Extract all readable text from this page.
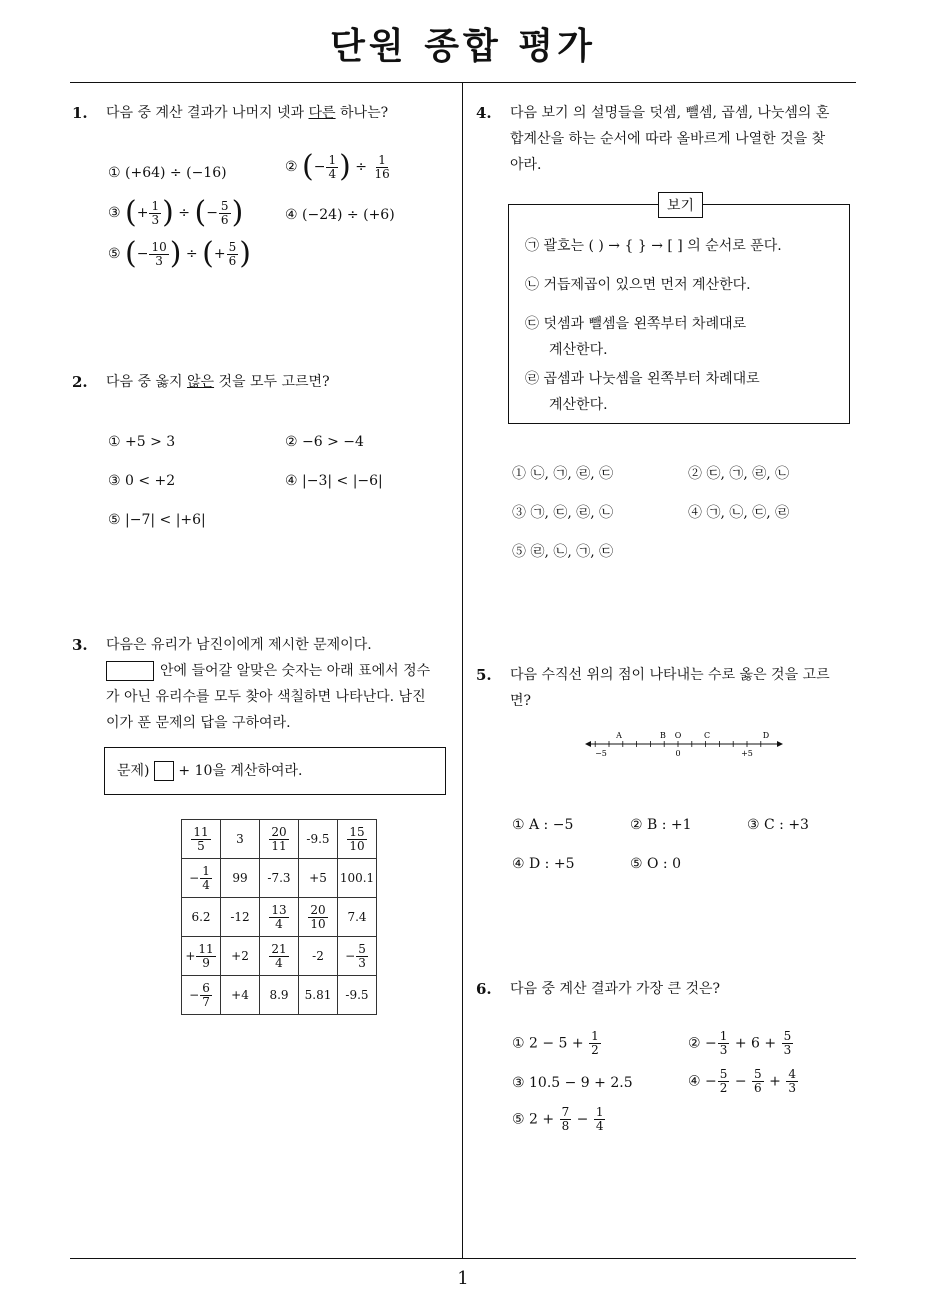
단원 종합 평가
1
1. 다음 중 계산 결과가 나머지 넷과 다른 하나는?
① (+64) ÷ (−16)	② (− $\frac{1}{4}$ ) ÷ $\frac{1}{16}$
③ (+ $\frac{1}{3}$ ) ÷ (− $\frac{5}{6}$ )	④ (−24) ÷ (+6)
⑤ (− $\frac{10}{3}$ ) ÷ (+ $\frac{5}{6}$ )
2. 다음 중 옳지 않은 것을 모두 고르면?
① +5 > 3	② −6 > −4
③ 0 < +2	④ |−3| < |−6|
⑤ |−7| < |+6|
3. 다음은 유리가 남진이에게 제시한 문제이다.
안에 들어갈 알맞은 숫자는 아래 표에서 정수
가 아닌 유리수를 모두 찾아 색칠하면 나타난다. 남진
이가 푼 문제의 답을 구하여라.
문제) + 10을 계산하여라.
$\frac{11}{5}$	3	$\frac{20}{11}$	-9.5	$\frac{15}{10}$

− $\frac{1}{4}$	99	-7.3	+5	100.1
6.2	-12	$\frac{13}{4}$	$\frac{20}{10}$	7.4
+ $\frac{11}{9}$	+2	$\frac{21}{4}$	-2	− $\frac{5}{3}$

− $\frac{6}{7}$	+4	8.9	5.81	-9.5
4. 다음 보기 의 설명들을 덧셈, 뺄셈, 곱셈, 나눗셈의 혼
합계산을 하는 순서에 따라 올바르게 나열한 것을 찾
아라.
보기
㉠ 괄호는 ( ) → { } → [ ] 의 순서로 푼다.
㉡ 거듭제곱이 있으면 먼저 계산한다.
㉢ 덧셈과 뺄셈을 왼쪽부터 차례대로
계산한다.
㉣ 곱셈과 나눗셈을 왼쪽부터 차례대로
계산한다.
① ㉡, ㉠, ㉣, ㉢	② ㉢, ㉠, ㉣, ㉡
③ ㉠, ㉢, ㉣, ㉡	④ ㉠, ㉡, ㉢, ㉣
⑤ ㉣, ㉡, ㉠, ㉢
5. 다음 수직선 위의 점이 나타내는 수로 옳은 것을 고르
면?
A	B O	C	D
−5	0	+5
① A : −5	② B : +1	③ C : +3
④ D : +5	⑤ O : 0
6. 다음 중 계산 결과가 가장 큰 것은?
① $2 - 5 + \frac{1}{2}$	② − $\frac{1}{3} + 6 + \frac{5}{3}$
③ 10.5 − 9 + 2.5	④ − $\frac{5}{2} - \frac{5}{6} + \frac{4}{3}$
⑤ $2 + \frac{7}{8} - \frac{1}{4}$
